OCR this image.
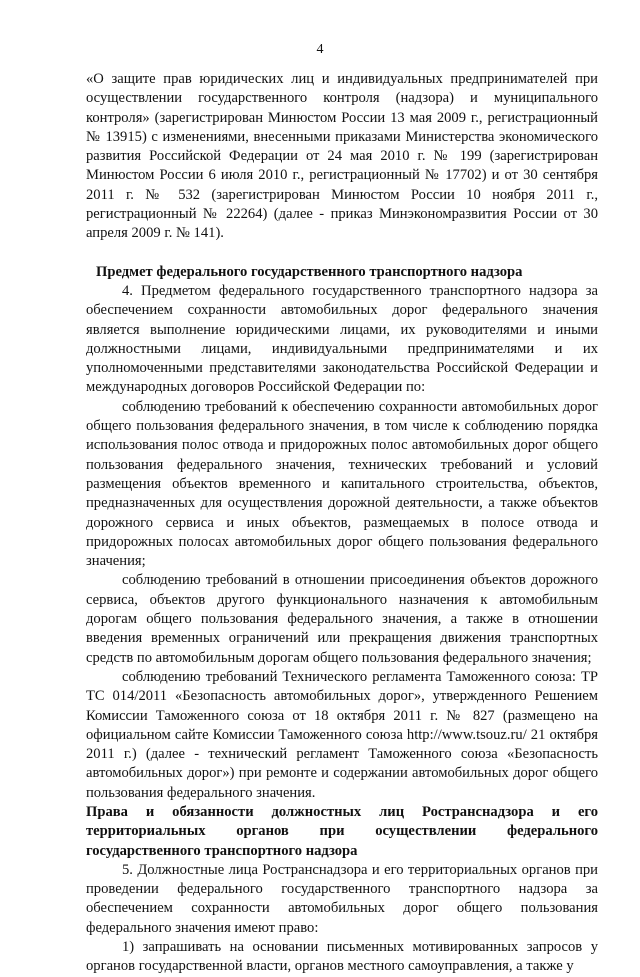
4

«О защите прав юридических лиц и индивидуальных предпринимателей при осуществлении государственного контроля (надзора) и муниципального контроля» (зарегистрирован Минюстом России 13 мая 2009 г., регистрационный № 13915) с изменениями, внесенными приказами Министерства экономического развития Российской Федерации от 24 мая 2010 г. № 199 (зарегистрирован Минюстом России 6 июля 2010 г., регистрационный № 17702) и от 30 сентября 2011 г. № 532 (зарегистрирован Минюстом России 10 ноября 2011 г., регистрационный № 22264) (далее - приказ Минэкономразвития России от 30 апреля 2009 г. № 141).

Предмет федерального государственного транспортного надзора

4. Предметом федерального государственного транспортного надзора за обеспечением сохранности автомобильных дорог федерального значения является выполнение юридическими лицами, их руководителями и иными должностными лицами, индивидуальными предпринимателями и их уполномоченными представителями законодательства Российской Федерации и международных договоров Российской Федерации по:

соблюдению требований к обеспечению сохранности автомобильных дорог общего пользования федерального значения, в том числе к соблюдению порядка использования полос отвода и придорожных полос автомобильных дорог общего пользования федерального значения, технических требований и условий размещения объектов временного и капитального строительства, объектов, предназначенных для осуществления дорожной деятельности, а также объектов дорожного сервиса и иных объектов, размещаемых в полосе отвода и придорожных полосах автомобильных дорог общего пользования федерального значения;

соблюдению требований в отношении присоединения объектов дорожного сервиса, объектов другого функционального назначения к автомобильным дорогам общего пользования федерального значения, а также в отношении введения временных ограничений или прекращения движения транспортных средств по автомобильным дорогам общего пользования федерального значения;

соблюдению требований Технического регламента Таможенного союза: ТР ТС 014/2011 «Безопасность автомобильных дорог», утвержденного Решением Комиссии Таможенного союза от 18 октября 2011 г. № 827 (размещено на официальном сайте Комиссии Таможенного союза http://www.tsouz.ru/ 21 октября 2011 г.) (далее - технический регламент Таможенного союза «Безопасность автомобильных дорог») при ремонте и содержании автомобильных дорог общего пользования федерального значения.

Права и обязанности должностных лиц Ространснадзора и его территориальных органов при осуществлении федерального государственного транспортного надзора

5. Должностные лица Ространснадзора и его территориальных органов при проведении федерального государственного транспортного надзора за обеспечением сохранности автомобильных дорог общего пользования федерального значения имеют право:

1) запрашивать на основании письменных мотивированных запросов у органов государственной власти, органов местного самоуправления, а также у
